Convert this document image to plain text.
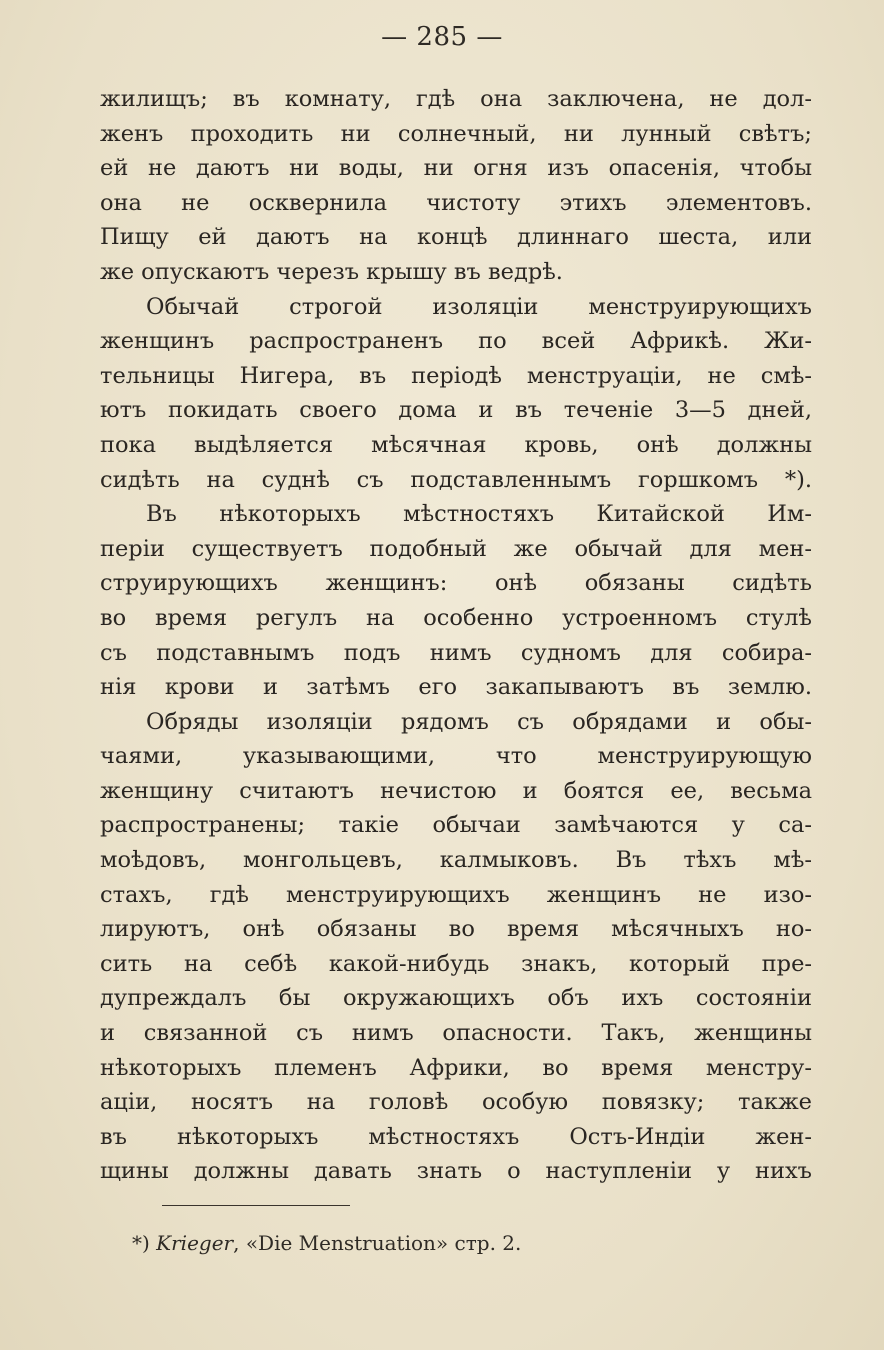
— 285 —
жилищъ; въ комнату, гдѣ она заключена, не дол-
женъ проходить ни солнечный, ни лунный свѣтъ;
ей не даютъ ни воды, ни огня изъ опасенія, чтобы
она не осквернила чистоту этихъ элементовъ.
Пищу ей даютъ на концѣ длиннаго шеста, или
же опускаютъ черезъ крышу въ ведрѣ.
Обычай строгой изоляціи менструирующихъ
женщинъ распространенъ по всей Африкѣ. Жи-
тельницы Нигера, въ періодѣ менструаціи, не смѣ-
ютъ покидать своего дома и въ теченіе 3—5 дней,
пока выдѣляется мѣсячная кровь, онѣ должны
сидѣть на суднѣ съ подставленнымъ горшкомъ *).
Въ нѣкоторыхъ мѣстностяхъ Китайской Им-
періи существуетъ подобный же обычай для мен-
струирующихъ женщинъ: онѣ обязаны сидѣть
во время регулъ на особенно устроенномъ стулѣ
съ подставнымъ подъ нимъ судномъ для собира-
нія крови и затѣмъ его закапываютъ въ землю.
Обряды изоляціи рядомъ съ обрядами и обы-
чаями, указывающими, что менструирующую
женщину считаютъ нечистою и боятся ее, весьма
распространены; такіе обычаи замѣчаются у са-
моѣдовъ, монгольцевъ, калмыковъ. Въ тѣхъ мѣ-
стахъ, гдѣ менструирующихъ женщинъ не изо-
лируютъ, онѣ обязаны во время мѣсячныхъ но-
сить на себѣ какой-нибудь знакъ, который пре-
дупреждалъ бы окружающихъ объ ихъ состояніи
и связанной съ нимъ опасности. Такъ, женщины
нѣкоторыхъ племенъ Африки, во время менстру-
аціи, носятъ на головѣ особую повязку; также
въ нѣкоторыхъ мѣстностяхъ Остъ-Индіи жен-
щины должны давать знать о наступленіи у нихъ
*) Krieger, «Die Menstruation» стр. 2.
